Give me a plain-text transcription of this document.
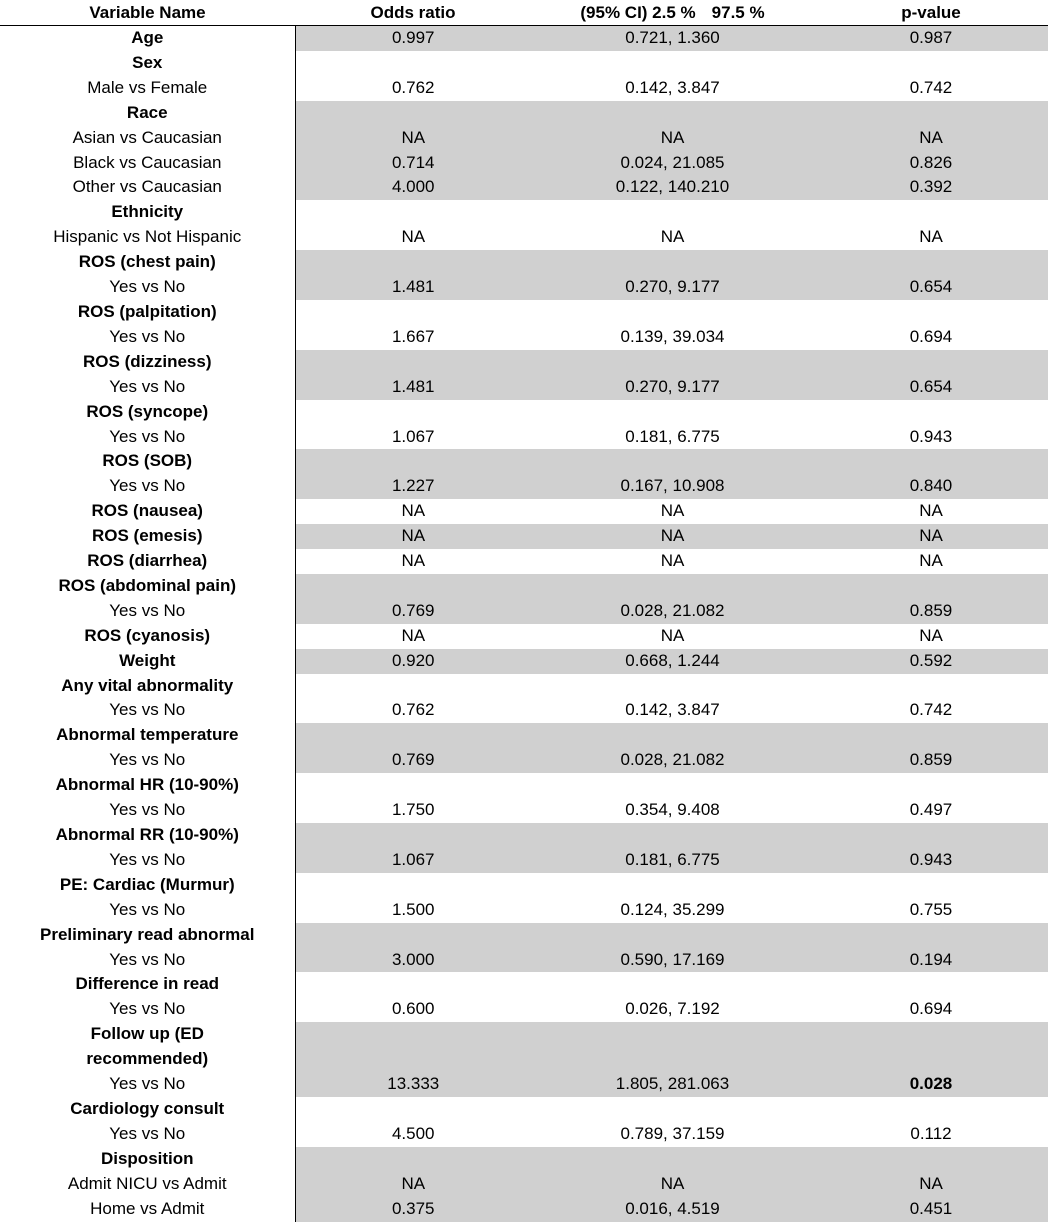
Variable Name	Odds ratio	(95% CI) 2.5 % 97.5 %	p-value

Age	0.997	0.721, 1.360	0.987

Sex
Male vs Female	0.762	0.142, 3.847	0.742

Race
Asian vs Caucasian	NA	NA	NA

Black vs Caucasian	0.714	0.024, 21.085	0.826

Other vs Caucasian	4.000	0.122, 140.210	0.392

Ethnicity
Hispanic vs Not Hispanic	NA	NA	NA

ROS (chest pain)
Yes vs No	1.481	0.270, 9.177	0.654

ROS (palpitation)
Yes vs No	1.667	0.139, 39.034	0.694

ROS (dizziness)
Yes vs No	1.481	0.270, 9.177	0.654

ROS (syncope)
Yes vs No	1.067	0.181, 6.775	0.943

ROS (SOB)
Yes vs No	1.227	0.167, 10.908	0.840

ROS (nausea)	NA	NA	NA

ROS (emesis)	NA	NA	NA

ROS (diarrhea)	NA	NA	NA

ROS (abdominal pain)
Yes vs No	0.769	0.028, 21.082	0.859

ROS (cyanosis)	NA	NA	NA

Weight	0.920	0.668, 1.244	0.592

Any vital abnormality
Yes vs No	0.762	0.142, 3.847	0.742

Abnormal temperature
Yes vs No	0.769	0.028, 21.082	0.859

Abnormal HR (10-90%)
Yes vs No	1.750	0.354, 9.408	0.497

Abnormal RR (10-90%)
Yes vs No	1.067	0.181, 6.775	0.943

PE: Cardiac (Murmur)
Yes vs No	1.500	0.124, 35.299	0.755

Preliminary read abnormal
Yes vs No	3.000	0.590, 17.169	0.194

Difference in read
Yes vs No	0.600	0.026, 7.192	0.694

Follow up (ED recommended)
Yes vs No	13.333	1.805, 281.063	0.028

Cardiology consult
Yes vs No	4.500	0.789, 37.159	0.112

Disposition
Admit NICU vs Admit	NA	NA	NA

Home vs Admit	0.375	0.016, 4.519	0.451
